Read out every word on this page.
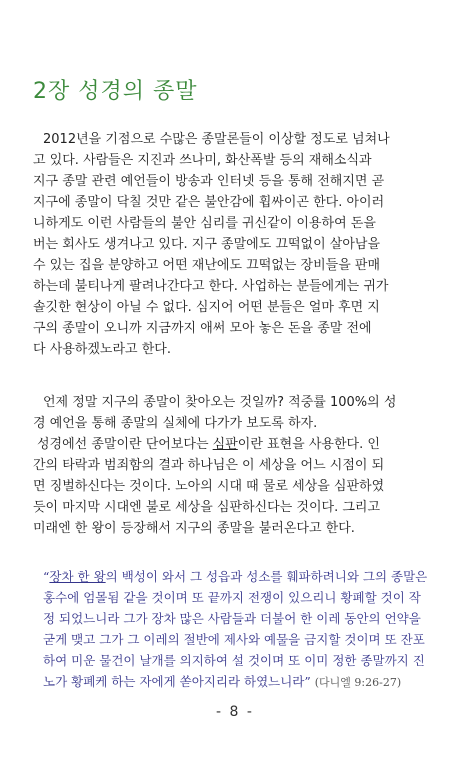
2장 성경의 종말
2012년을 기점으로 수많은 종말론들이 이상할 정도로 넘쳐나
고 있다. 사람들은 지진과 쓰나미, 화산폭발 등의 재해소식과
지구 종말 관련 예언들이 방송과 인터넷 등을 통해 전해지면 곧
지구에 종말이 닥칠 것만 같은 불안감에 휩싸이곤 한다. 아이러
니하게도 이런 사람들의 불안 심리를 귀신같이 이용하여 돈을
버는 회사도 생겨나고 있다. 지구 종말에도 끄떡없이 살아남을
수 있는 집을 분양하고 어떤 재난에도 끄떡없는 장비들을 판매
하는데 불티나게 팔려나간다고 한다. 사업하는 분들에게는 귀가
솔깃한 현상이 아닐 수 없다. 심지어 어떤 분들은 얼마 후면 지
구의 종말이 오니까 지금까지 애써 모아 놓은 돈을 종말 전에
다 사용하겠노라고 한다.
언제 정말 지구의 종말이 찾아오는 것일까? 적중률 100%의 성
경 예언을 통해 종말의 실체에 다가가 보도록 하자.
성경에선 종말이란 단어보다는 심판이란 표현을 사용한다. 인
간의 타락과 범죄함의 결과 하나님은 이 세상을 어느 시점이 되
면 징벌하신다는 것이다. 노아의 시대 때 물로 세상을 심판하였
듯이 마지막 시대엔 불로 세상을 심판하신다는 것이다. 그리고
미래엔 한 왕이 등장해서 지구의 종말을 불러온다고 한다.
“장차 한 왕의 백성이 와서 그 성읍과 성소를 훼파하려니와 그의 종말은
홍수에 엄몰됨 같을 것이며 또 끝까지 전쟁이 있으리니 황폐할 것이 작
정 되었느니라 그가 장차 많은 사람들과 더불어 한 이레 동안의 언약을
굳게 맺고 그가 그 이레의 절반에 제사와 예물을 금지할 것이며 또 잔포
하여 미운 물건이 날개를 의지하여 설 것이며 또 이미 정한 종말까지 진
노가 황폐케 하는 자에게 쏟아지리라 하였느니라” (다니엘 9:26-27)
- 8 -
